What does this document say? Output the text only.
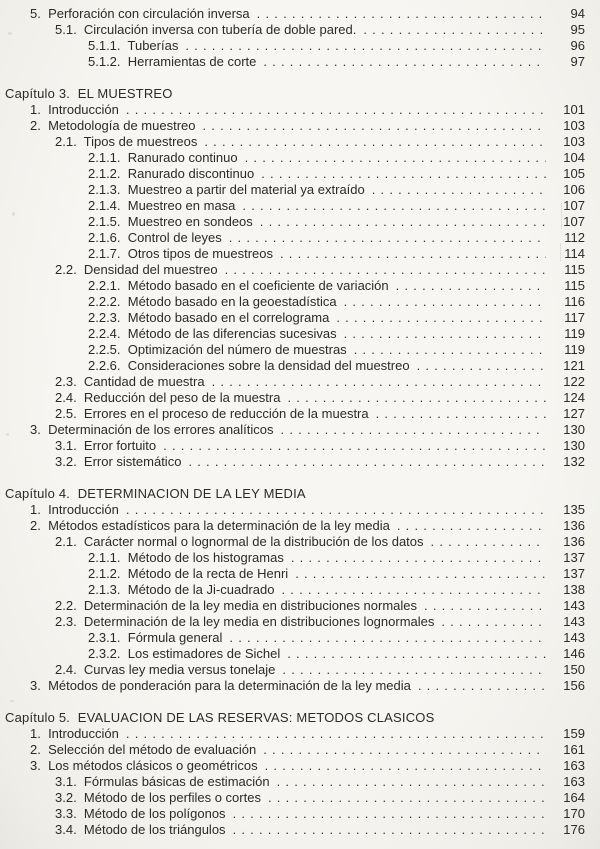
5.  Perforación con circulación inversa .....	94
5.1.  Circulación inversa con tubería de doble pared. .....	95
5.1.1.  Tuberías .....	96
5.1.2.  Herramientas de corte .....	97
Capítulo 3.  EL MUESTREO
1.  Introducción .....	101
2.  Metodología de muestreo .....	103
2.1.  Tipos de muestreos .....	103
2.1.1.  Ranurado continuo .....	104
2.1.2.  Ranurado discontinuo .....	105
2.1.3.  Muestreo a partir del material ya extraído .....	106
2.1.4.  Muestreo en masa .....	107
2.1.5.  Muestreo en sondeos .....	107
2.1.6.  Control de leyes .....	112
2.1.7.  Otros tipos de muestreos .....	114
2.2.  Densidad del muestreo .....	115
2.2.1.  Método basado en el coeficiente de variación .....	115
2.2.2.  Método basado en la geoestadística .....	116
2.2.3.  Método basado en el correlograma .....	117
2.2.4.  Método de las diferencias sucesivas .....	119
2.2.5.  Optimización del número de muestras .....	119
2.2.6.  Consideraciones sobre la densidad del muestreo .....	121
2.3.  Cantidad de muestra .....	122
2.4.  Reducción del peso de la muestra .....	124
2.5.  Errores en el proceso de reducción de la muestra .....	127
3.  Determinación de los errores analíticos .....	130
3.1.  Error fortuito .....	130
3.2.  Error sistemático .....	132
Capítulo 4.  DETERMINACION DE LA LEY MEDIA
1.  Introducción .....	135
2.  Métodos estadísticos para la determinación de la ley media .....	136
2.1.  Carácter normal o lognormal de la distribución de los datos .....	136
2.1.1.  Método de los histogramas .....	137
2.1.2.  Método de la recta de Henri .....	137
2.1.3.  Método de la Ji-cuadrado .....	138
2.2.  Determinación de la ley media en distribuciones normales .....	143
2.3.  Determinación de la ley media en distribuciones lognormales .....	143
2.3.1.  Fórmula general .....	143
2.3.2.  Los estimadores de Sichel .....	146
2.4.  Curvas ley media versus tonelaje .....	150
3.  Métodos de ponderación para la determinación de la ley media .....	156
Capítulo 5.  EVALUACION DE LAS RESERVAS: METODOS CLASICOS
1.  Introducción .....	159
2.  Selección del método de evaluación .....	161
3.  Los métodos clásicos o geométricos .....	163
3.1.  Fórmulas básicas de estimación .....	163
3.2.  Método de los perfiles o cortes .....	164
3.3.  Método de los polígonos .....	170
3.4.  Método de los triángulos .....	176
